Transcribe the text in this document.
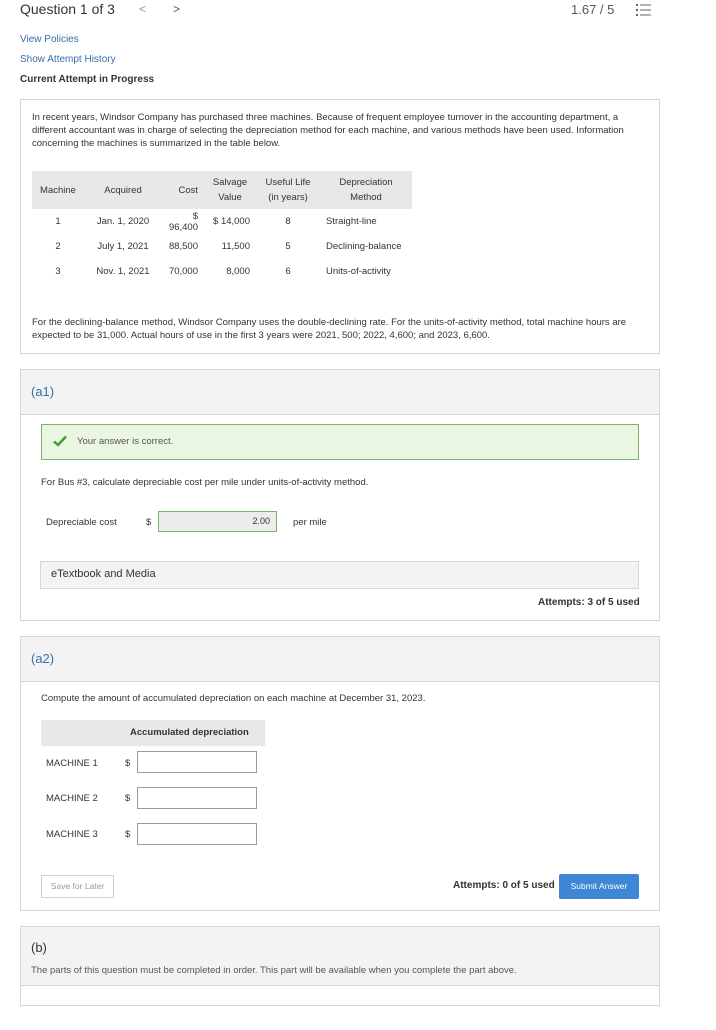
Question 1 of 3 < >	1.67 / 5
View Policies
Show Attempt History
Current Attempt in Progress
In recent years, Windsor Company has purchased three machines. Because of frequent employee turnover in the accounting department, a different accountant was in charge of selecting the depreciation method for each machine, and various methods have been used. Information concerning the machines is summarized in the table below.
Machine	Acquired	Cost	Salvage Value	Useful Life (in years)	Depreciation Method
1	Jan. 1, 2020	$ 96,400	$ 14,000	8	Straight-line
2	July 1, 2021	88,500	11,500	5	Declining-balance
3	Nov. 1, 2021	70,000	8,000	6	Units-of-activity
For the declining-balance method, Windsor Company uses the double-declining rate. For the units-of-activity method, total machine hours are expected to be 31,000. Actual hours of use in the first 3 years were 2021, 500; 2022, 4,600; and 2023, 6,600.
(a1)
Your answer is correct.
For Bus #3, calculate depreciable cost per mile under units-of-activity method.
Depreciable cost	$	2.00	per mile
eTextbook and Media
Attempts: 3 of 5 used
(a2)
Compute the amount of accumulated depreciation on each machine at December 31, 2023.
Accumulated depreciation
MACHINE 1	$
MACHINE 2	$
MACHINE 3	$
Save for Later	Attempts: 0 of 5 used	Submit Answer
(b)
The parts of this question must be completed in order. This part will be available when you complete the part above.
